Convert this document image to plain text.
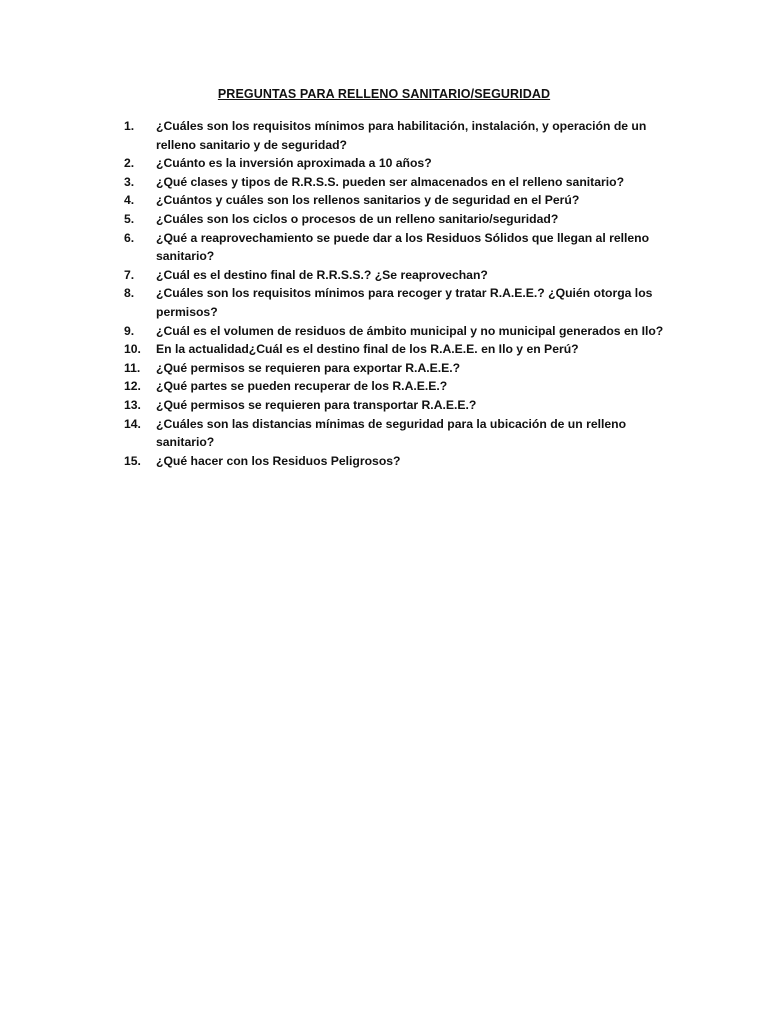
PREGUNTAS PARA RELLENO SANITARIO/SEGURIDAD
1. ¿Cuáles son los requisitos mínimos para habilitación, instalación, y operación de un
relleno sanitario y de seguridad?
2. ¿Cuánto es la inversión aproximada a 10 años?
3. ¿Qué clases y tipos de R.R.S.S. pueden ser almacenados en el relleno sanitario?
4. ¿Cuántos y cuáles son los rellenos sanitarios y de seguridad en el Perú?
5. ¿Cuáles son los ciclos o procesos de un relleno sanitario/seguridad?
6. ¿Qué a reaprovechamiento se puede dar a los Residuos Sólidos que llegan al relleno
sanitario?
7. ¿Cuál es el destino final de R.R.S.S.? ¿Se reaprovechan?
8. ¿Cuáles son los requisitos mínimos para recoger y tratar R.A.E.E.? ¿Quién otorga los
permisos?
9. ¿Cuál es el volumen de residuos de ámbito municipal y no municipal generados en Ilo?
10. En la actualidad¿Cuál es el destino final de los R.A.E.E. en Ilo y en Perú?
11. ¿Qué permisos se requieren para exportar R.A.E.E.?
12. ¿Qué partes se pueden recuperar de los R.A.E.E.?
13. ¿Qué permisos se requieren para transportar R.A.E.E.?
14. ¿Cuáles son las distancias mínimas de seguridad para la ubicación de un relleno
sanitario?
15. ¿Qué hacer con los Residuos Peligrosos?
